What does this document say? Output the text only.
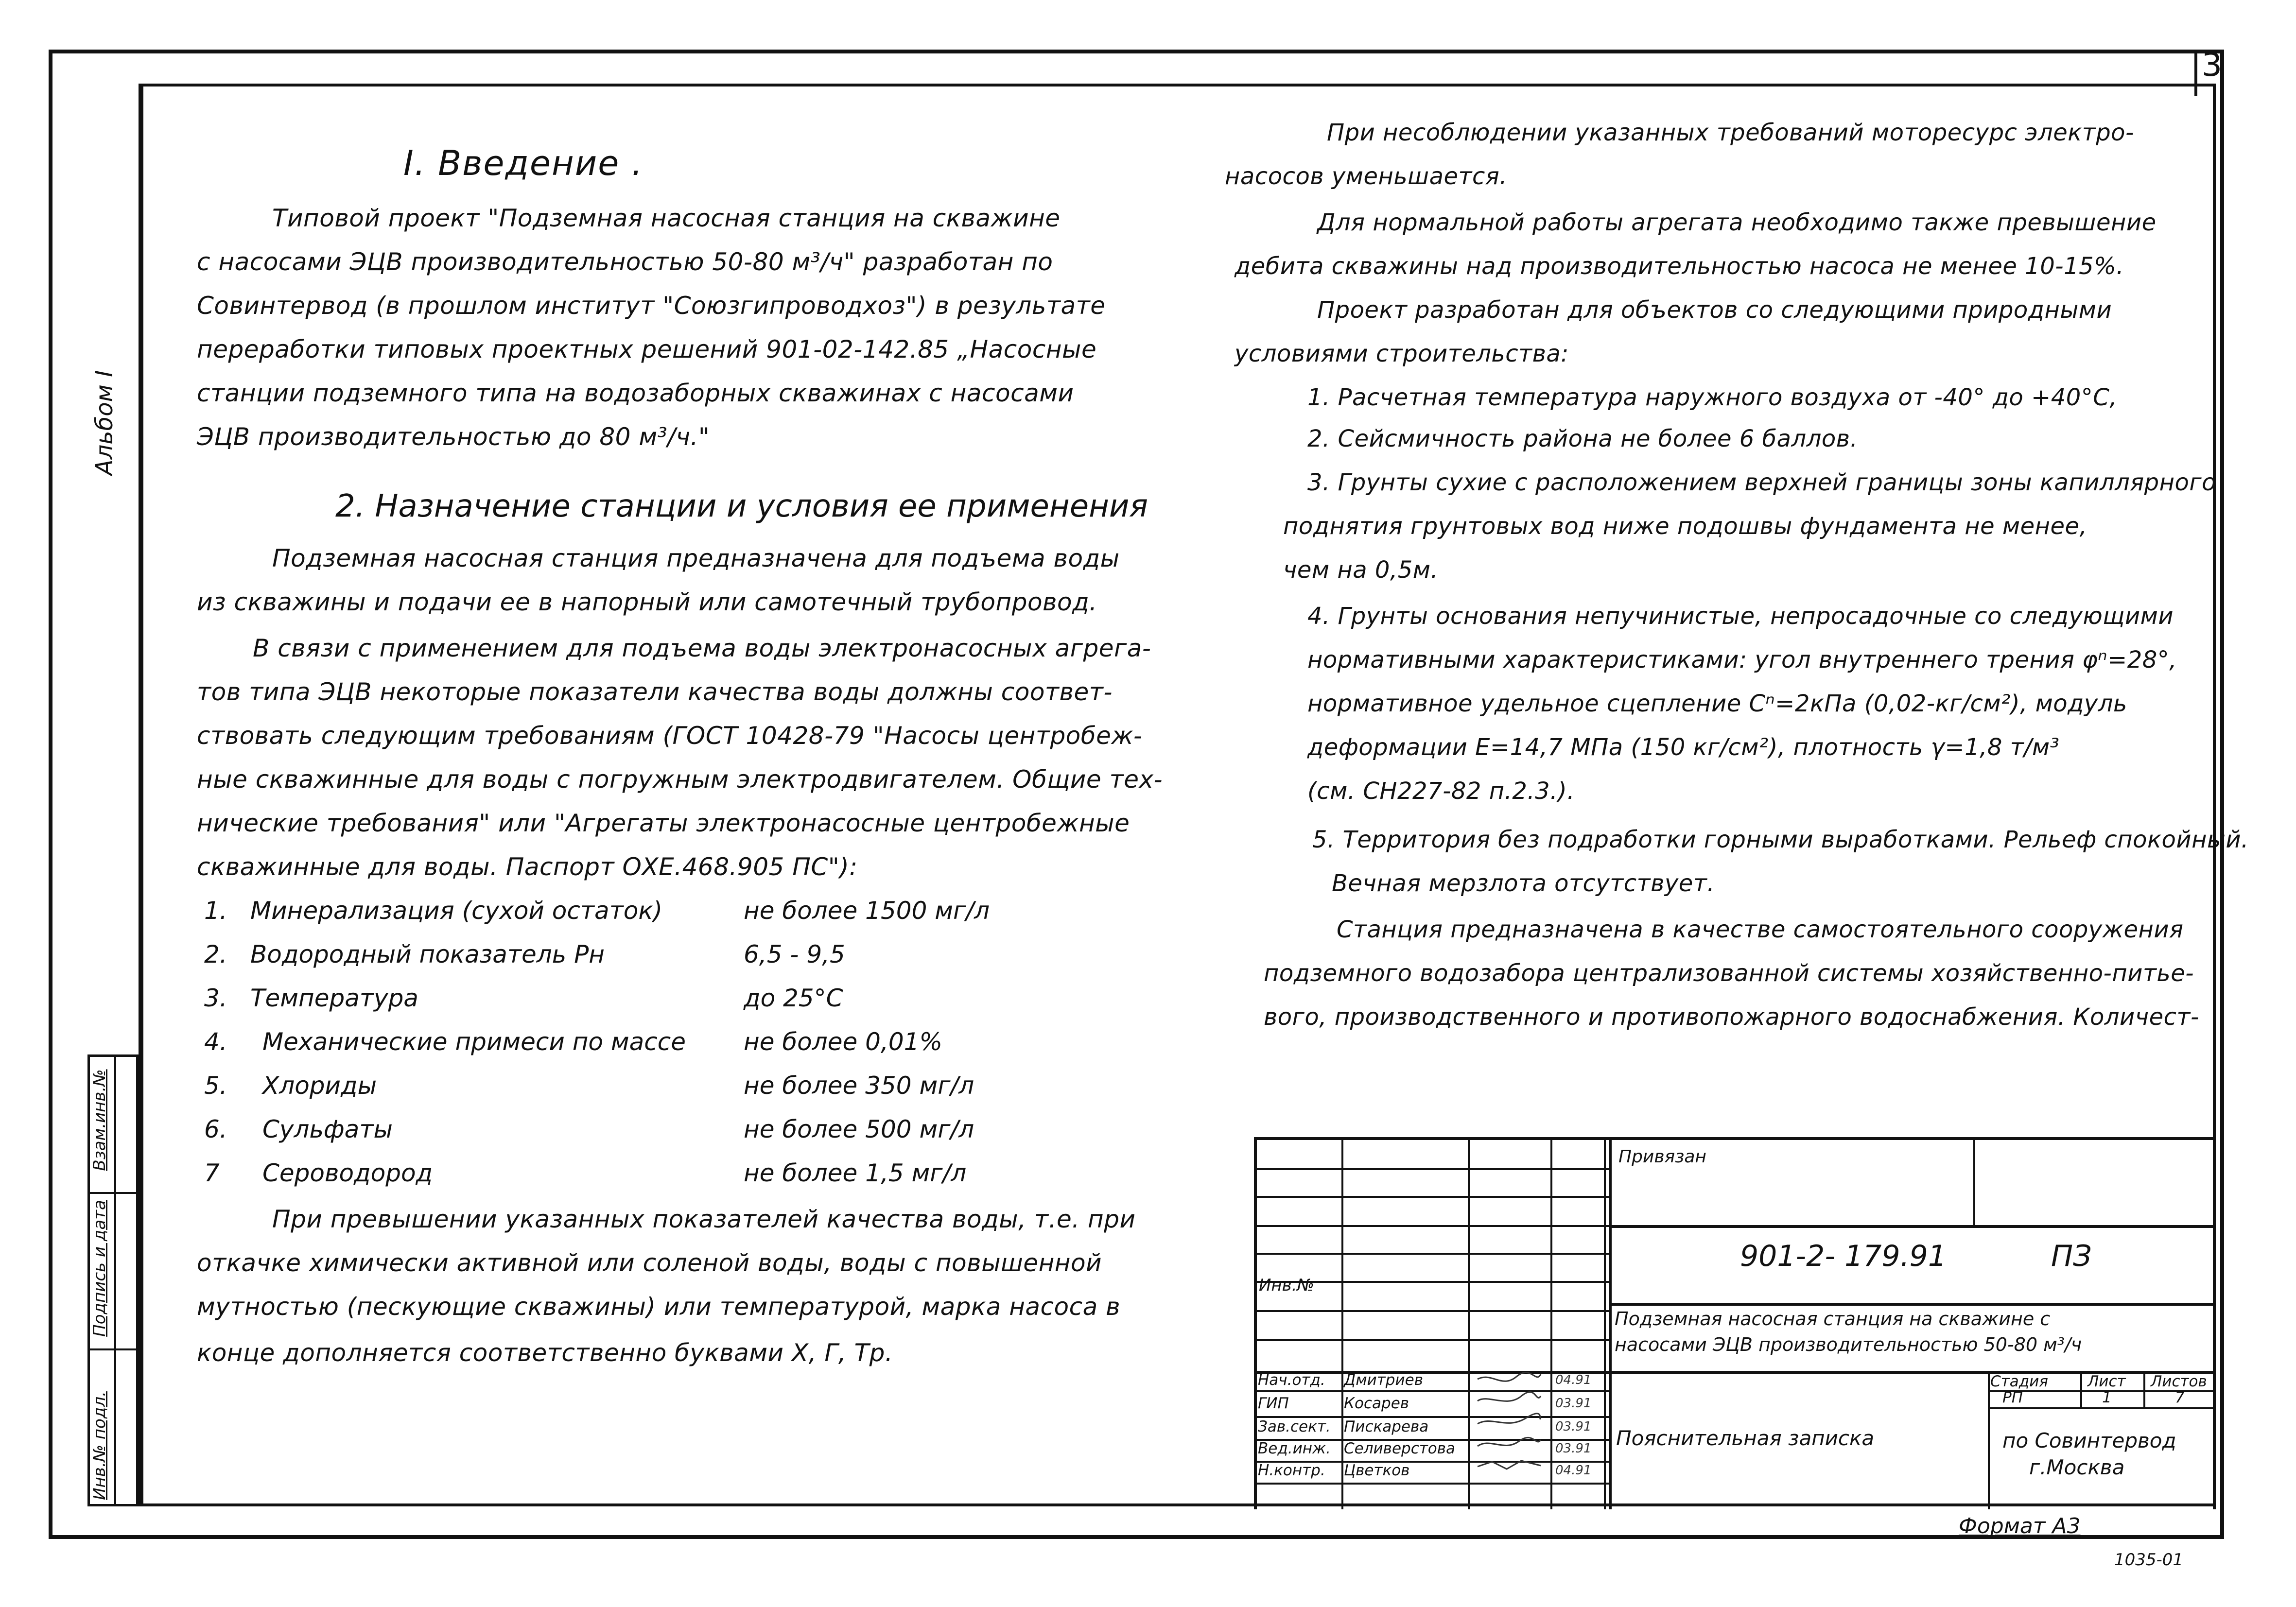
3
Альбом I
Инв.№ подл.
Подпись и дата
Взам.инв.№
I. Введение .
Типовой проект "Подземная насосная станция на скважине
с насосами ЭЦВ производительностью 50-80 м³/ч" разработан по
Совинтервод (в прошлом институт "Союзгипроводхоз") в результате
переработки типовых проектных решений 901-02-142.85 „Насосные
станции подземного типа на водозаборных скважинах с насосами
ЭЦВ производительностью до 80 м³/ч."
2. Назначение станции и условия ее применения
Подземная насосная станция предназначена для подъема воды
из скважины и подачи ее в напорный или самотечный трубопровод.
В связи с применением для подъема воды электронасосных агрега-
тов типа ЭЦВ некоторые показатели качества воды должны соответ-
ствовать следующим требованиям (ГОСТ 10428-79 "Насосы центробеж-
ные скважинные для воды с погружным электродвигателем. Общие тех-
нические требования" или "Агрегаты электронасосные центробежные
скважинные для воды. Паспорт ОХЕ.468.905 ПС"):
1. Минерализация (сухой остаток)	не более 1500 мг/л
2. Водородный показатель Рн	6,5 - 9,5
3. Температура	до 25°С
4. Механические примеси по массе не более 0,01%
5. Хлориды	не более 350 мг/л
6. Сульфаты	не более 500 мг/л
7 Сероводород	не более 1,5 мг/л
При превышении указанных показателей качества воды, т.е. при
откачке химически активной или соленой воды, воды с повышенной
мутностью (пескующие скважины) или температурой, марка насоса в
конце дополняется соответственно буквами Х, Г, Тр.
При несоблюдении указанных требований моторесурс электро-
насосов уменьшается.
Для нормальной работы агрегата необходимо также превышение
дебита скважины над производительностью насоса не менее 10-15%.
Проект разработан для объектов со следующими природными
условиями строительства:
1. Расчетная температура наружного воздуха от -40° до +40°С,
2. Сейсмичность района не более 6 баллов.
3. Грунты сухие с расположением верхней границы зоны капиллярного
поднятия грунтовых вод ниже подошвы фундамента не менее,
чем на 0,5м.
4. Грунты основания непучинистые, непросадочные со следующими
нормативными характеристиками: угол внутреннего трения φⁿ=28°,
нормативное удельное сцепление Сⁿ=2кПа (0,02-кг/см²), модуль
деформации Е=14,7 МПа (150 кг/см²), плотность γ=1,8 т/м³
(см. СН227-82 п.2.3.).
5. Территория без подработки горными выработками. Рельеф спокойный.
Вечная мерзлота отсутствует.
Станция предназначена в качестве самостоятельного сооружения
подземного водозабора централизованной системы хозяйственно-питье-
вого, производственного и противопожарного водоснабжения. Количест-
Привязан
Инв.№
901-2- 179.91	ПЗ
Подземная насосная станция на скважине с
насосами ЭЦВ производительностью 50-80 м³/ч
Пояснительная записка
Стадия	Лист Листов
РП	1	7
по Совинтервод
г.Москва
Нач.отд. Дмитриев	04.91
ГИП	Косарев	03.91
Зав.сект. Пискарева	03.91
Вед.инж. Селиверстова	03.91
Н.контр. Цветков	04.91
Формат А3
1035-01
